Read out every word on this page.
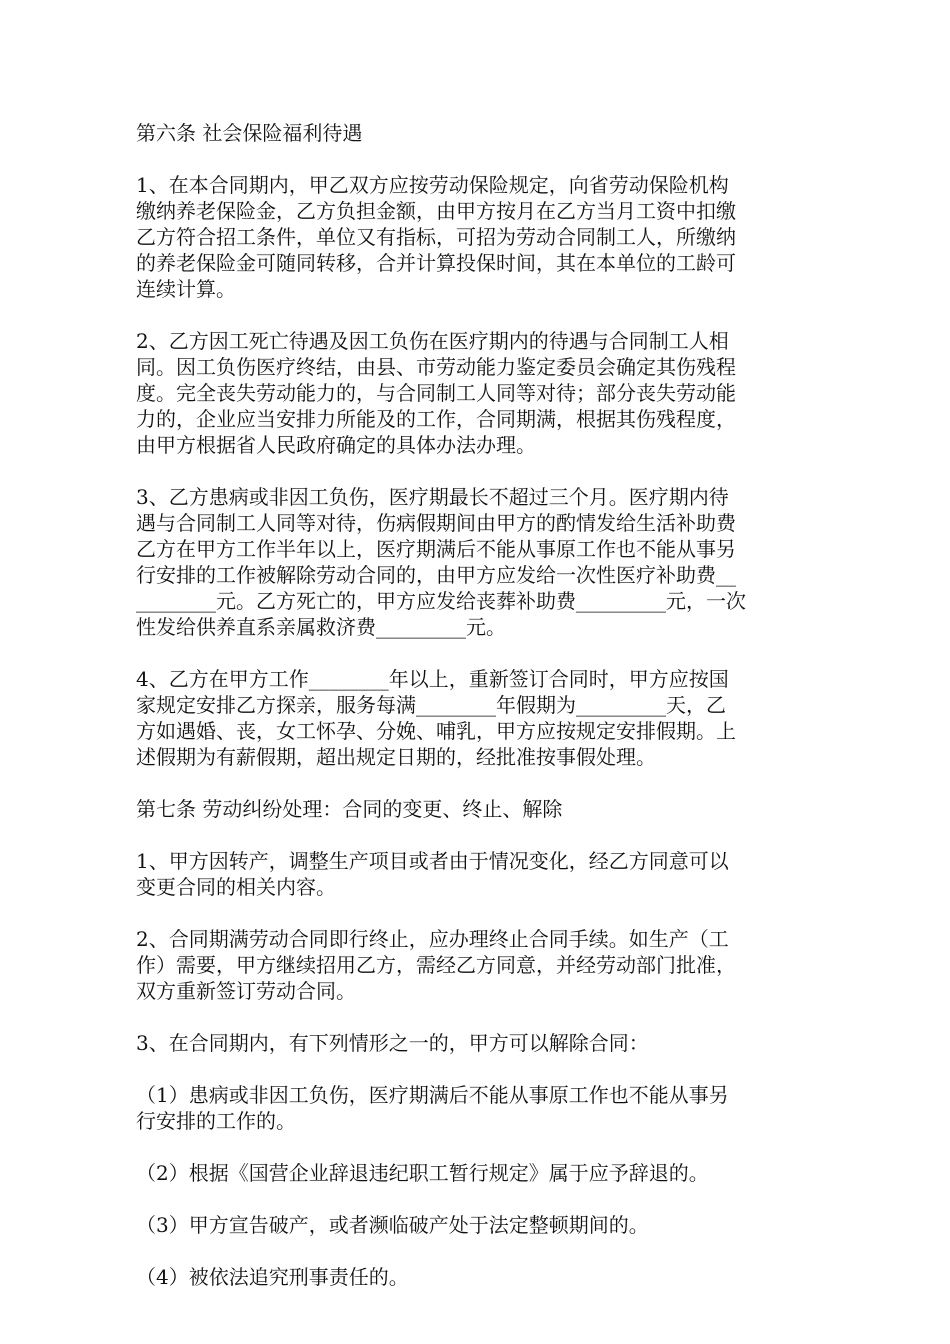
第六条 社会保险福利待遇
1、在本合同期内，甲乙双方应按劳动保险规定，向省劳动保险机构
缴纳养老保险金，乙方负担金额，由甲方按月在乙方当月工资中扣缴
乙方符合招工条件，单位又有指标，可招为劳动合同制工人，所缴纳
的养老保险金可随同转移，合并计算投保时间，其在本单位的工龄可
连续计算。
2、乙方因工死亡待遇及因工负伤在医疗期内的待遇与合同制工人相
同。因工负伤医疗终结，由县、市劳动能力鉴定委员会确定其伤残程
度。完全丧失劳动能力的，与合同制工人同等对待；部分丧失劳动能
力的，企业应当安排力所能及的工作，合同期满，根据其伤残程度，
由甲方根据省人民政府确定的具体办法办理。
3、乙方患病或非因工负伤，医疗期最长不超过三个月。医疗期内待
遇与合同制工人同等对待，伤病假期间由甲方的酌情发给生活补助费
乙方在甲方工作半年以上，医疗期满后不能从事原工作也不能从事另
行安排的工作被解除劳动合同的，由甲方应发给一次性医疗补助费__
________元。乙方死亡的，甲方应发给丧葬补助费_________元，一次
性发给供养直系亲属救济费_________元。
4、乙方在甲方工作________年以上，重新签订合同时，甲方应按国
家规定安排乙方探亲，服务每满________年假期为_________天，乙
方如遇婚、丧，女工怀孕、分娩、哺乳，甲方应按规定安排假期。上
述假期为有薪假期，超出规定日期的，经批准按事假处理。
第七条 劳动纠纷处理：合同的变更、终止、解除
1、甲方因转产，调整生产项目或者由于情况变化，经乙方同意可以
变更合同的相关内容。
2、合同期满劳动合同即行终止，应办理终止合同手续。如生产（工
作）需要，甲方继续招用乙方，需经乙方同意，并经劳动部门批准，
双方重新签订劳动合同。
3、在合同期内，有下列情形之一的，甲方可以解除合同：
（1）患病或非因工负伤，医疗期满后不能从事原工作也不能从事另
行安排的工作的。
（2）根据《国营企业辞退违纪职工暂行规定》属于应予辞退的。
（3）甲方宣告破产，或者濒临破产处于法定整顿期间的。
（4）被依法追究刑事责任的。
